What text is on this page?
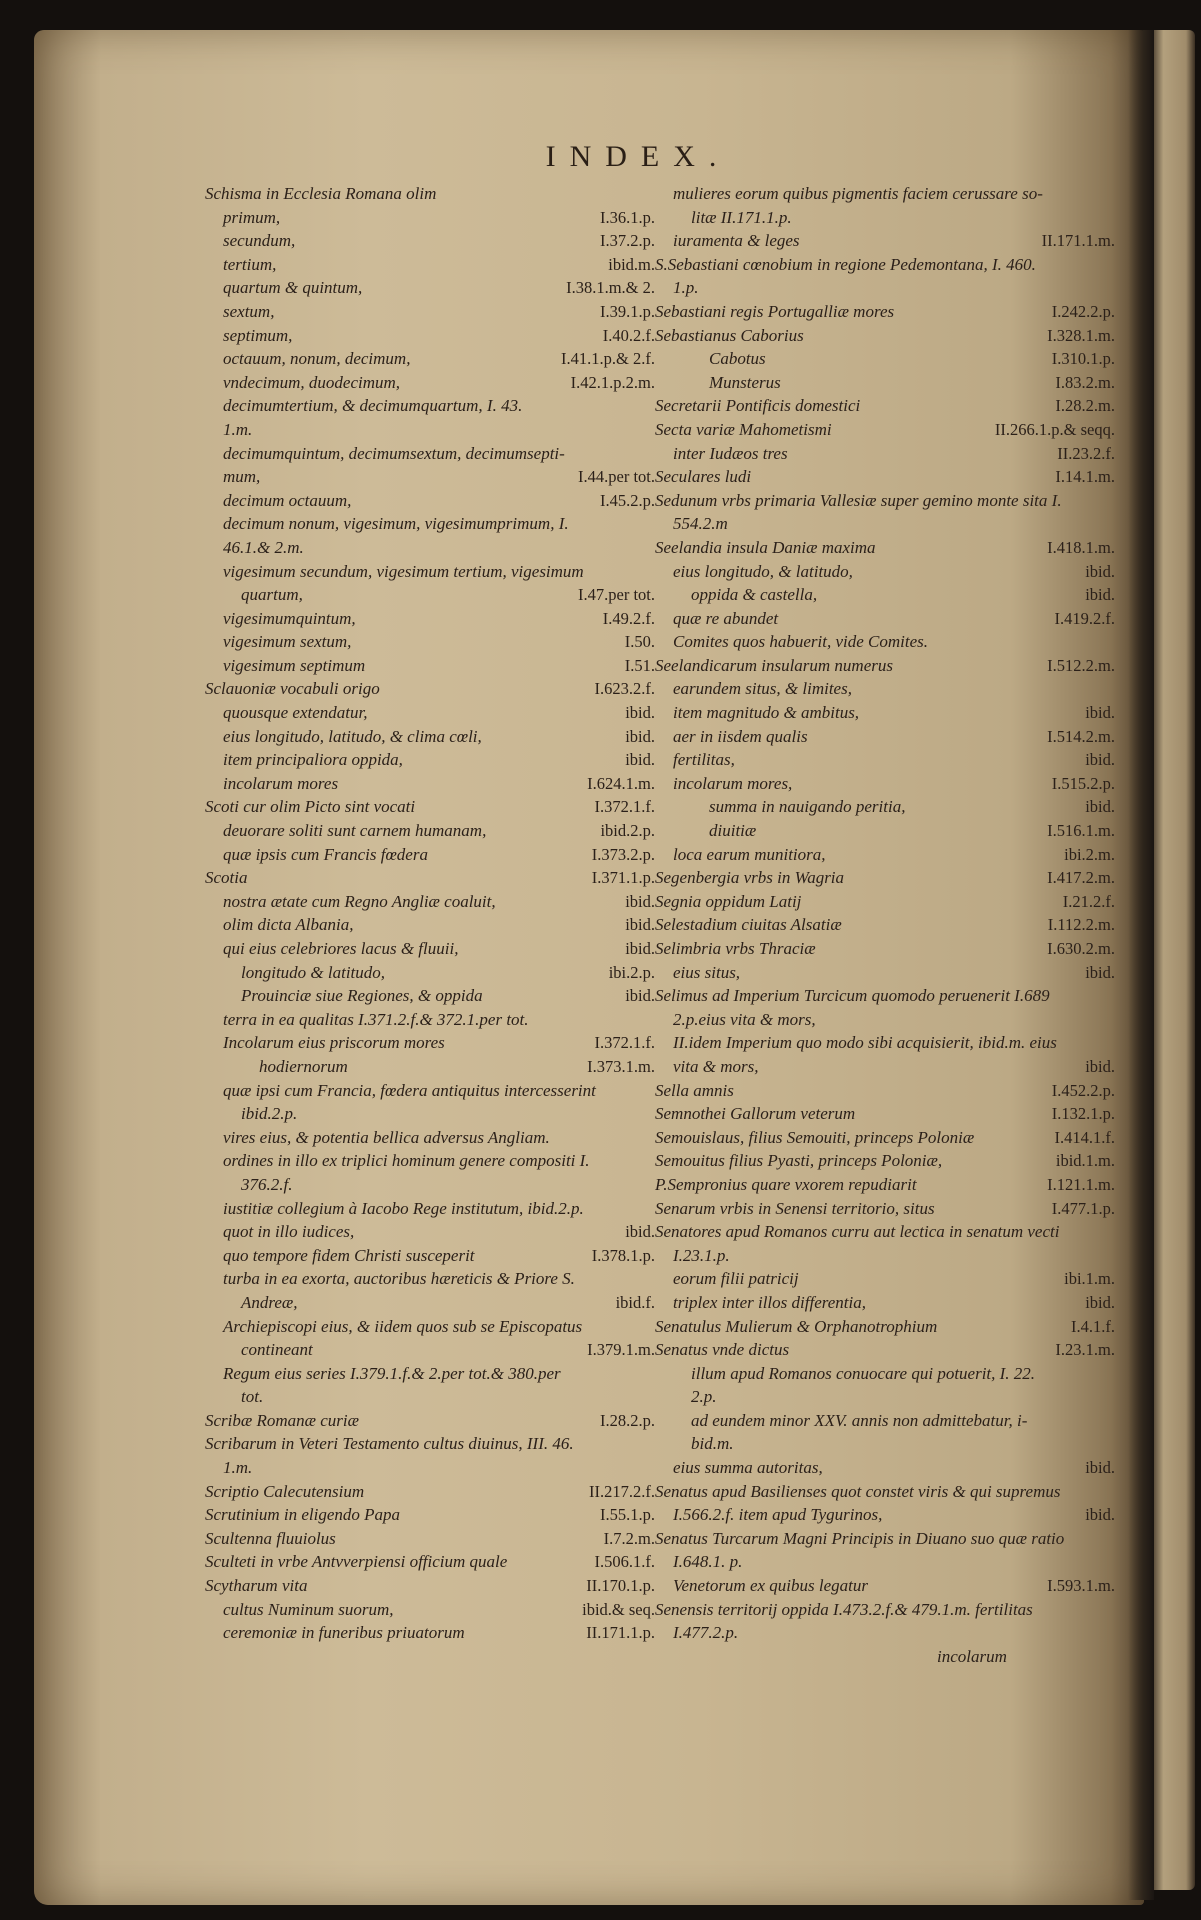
INDEX.
Schisma in Ecclesia Romana olim
primum,	I.36.1.p.
secundum,	I.37.2.p.
tertium,	ibid.m.
quartum & quintum,	I.38.1.m.& 2.
sextum,	I.39.1.p.
septimum,	I.40.2.f.
octauum, nonum, decimum,	I.41.1.p.& 2.f.
vndecimum, duodecimum,	I.42.1.p.2.m.
decimumtertium, & decimumquartum, I. 43.
1.m.
decimumquintum, decimumsextum, decimumsepti-
mum,	I.44.per tot.
decimum octauum,	I.45.2.p.
decimum nonum, vigesimum, vigesimumprimum, I.
46.1.& 2.m.
vigesimum secundum, vigesimum tertium, vigesimum
quartum,	I.47.per tot.
vigesimumquintum,	I.49.2.f.
vigesimum sextum,	I.50.
vigesimum septimum	I.51.
Sclauoniæ vocabuli origo	I.623.2.f.
quousque extendatur,	ibid.
eius longitudo, latitudo, & clima cœli,	ibid.
item principaliora oppida,	ibid.
incolarum mores	I.624.1.m.
Scoti cur olim Picto sint vocati	I.372.1.f.
deuorare soliti sunt carnem humanam,	ibid.2.p.
quæ ipsis cum Francis fœdera	I.373.2.p.
Scotia	I.371.1.p.
nostra ætate cum Regno Angliæ coaluit,	ibid.
olim dicta Albania,	ibid.
qui eius celebriores lacus & fluuii,	ibid.
longitudo & latitudo,	ibi.2.p.
Prouinciæ siue Regiones, & oppida	ibid.
terra in ea qualitas I.371.2.f.& 372.1.per tot.
Incolarum eius priscorum mores	I.372.1.f.
hodiernorum	I.373.1.m.
quæ ipsi cum Francia, fœdera antiquitus intercesserint
ibid.2.p.
vires eius, & potentia bellica adversus Angliam.
ordines in illo ex triplici hominum genere compositi I.
376.2.f.
iustitiæ collegium à Iacobo Rege institutum, ibid.2.p.
quot in illo iudices,	ibid.
quo tempore fidem Christi susceperit	I.378.1.p.
turba in ea exorta, auctoribus hæreticis & Priore S.
Andreæ,	ibid.f.
Archiepiscopi eius, & iidem quos sub se Episcopatus
contineant	I.379.1.m.
Regum eius series I.379.1.f.& 2.per tot.& 380.per
tot.
Scribæ Romanæ curiæ	I.28.2.p.
Scribarum in Veteri Testamento cultus diuinus, III. 46.
1.m.
Scriptio Calecutensium	II.217.2.f.
Scrutinium in eligendo Papa	I.55.1.p.
Scultenna fluuiolus	I.7.2.m.
Sculteti in vrbe Antvverpiensi officium quale	I.506.1.f.
Scytharum vita	II.170.1.p.
cultus Numinum suorum,	ibid.& seq.
ceremoniæ in funeribus priuatorum	II.171.1.p.
mulieres eorum quibus pigmentis faciem cerussare so-
litæ II.171.1.p.
iuramenta & leges	II.171.1.m.
S.Sebastiani cœnobium in regione Pedemontana, I. 460.
1.p.
Sebastiani regis Portugalliæ mores	I.242.2.p.
Sebastianus Caborius	I.328.1.m.
Cabotus	I.310.1.p.
Munsterus	I.83.2.m.
Secretarii Pontificis domestici	I.28.2.m.
Secta variæ Mahometismi	II.266.1.p.& seqq.
inter Iudæos tres	II.23.2.f.
Seculares ludi	I.14.1.m.
Sedunum vrbs primaria Vallesiæ super gemino monte sita I.
554.2.m
Seelandia insula Daniæ maxima	I.418.1.m.
eius longitudo, & latitudo,	ibid.
oppida & castella,	ibid.
quæ re abundet	I.419.2.f.
Comites quos habuerit, vide Comites.
Seelandicarum insularum numerus	I.512.2.m.
earundem situs, & limites,
item magnitudo & ambitus,	ibid.
aer in iisdem qualis	I.514.2.m.
fertilitas,	ibid.
incolarum mores,	I.515.2.p.
summa in nauigando peritia,	ibid.
diuitiæ	I.516.1.m.
loca earum munitiora,	ibi.2.m.
Segenbergia vrbs in Wagria	I.417.2.m.
Segnia oppidum Latij	I.21.2.f.
Selestadium ciuitas Alsatiæ	I.112.2.m.
Selimbria vrbs Thraciæ	I.630.2.m.
eius situs,	ibid.
Selimus ad Imperium Turcicum quomodo peruenerit I.689
2.p.eius vita & mors,
II.idem Imperium quo modo sibi acquisierit, ibid.m. eius
vita & mors,	ibid.
Sella amnis	I.452.2.p.
Semnothei Gallorum veterum	I.132.1.p.
Semouislaus, filius Semouiti, princeps Poloniæ	I.414.1.f.
Semouitus filius Pyasti, princeps Poloniæ,	ibid.1.m.
P.Sempronius quare vxorem repudiarit	I.121.1.m.
Senarum vrbis in Senensi territorio, situs	I.477.1.p.
Senatores apud Romanos curru aut lectica in senatum vecti
I.23.1.p.
eorum filii patricij	ibi.1.m.
triplex inter illos differentia,	ibid.
Senatulus Mulierum & Orphanotrophium	I.4.1.f.
Senatus vnde dictus	I.23.1.m.
illum apud Romanos conuocare qui potuerit, I. 22.
2.p.
ad eundem minor XXV. annis non admittebatur, i-
bid.m.
eius summa autoritas,	ibid.
Senatus apud Basilienses quot constet viris & qui supremus
I.566.2.f. item apud Tygurinos,	ibid.
Senatus Turcarum Magni Principis in Diuano suo quæ ratio
I.648.1. p.
Venetorum ex quibus legatur	I.593.1.m.
Senensis territorij oppida I.473.2.f.& 479.1.m. fertilitas
I.477.2.p.
incolarum
